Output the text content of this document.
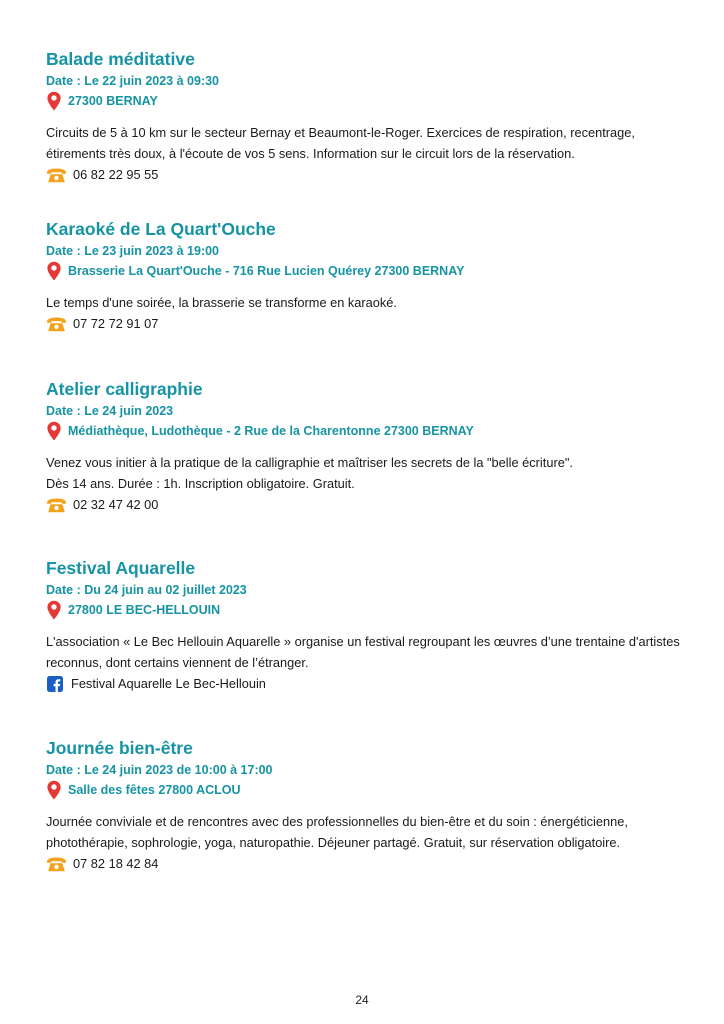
Balade méditative
Date : Le 22 juin 2023 à 09:30
27300 BERNAY

Circuits de 5 à 10 km sur le secteur Bernay et Beaumont-le-Roger. Exercices de respiration, recentrage, étirements très doux, à l'écoute de vos 5 sens. Information sur le circuit lors de la réservation.

06 82 22 95 55
Karaoké de La Quart'Ouche
Date : Le 23 juin 2023 à 19:00
Brasserie La Quart'Ouche - 716 Rue Lucien Quérey 27300 BERNAY

Le temps d'une soirée, la brasserie se transforme en karaoké.

07 72 72 91 07
Atelier calligraphie
Date : Le 24 juin 2023
Médiathèque, Ludothèque - 2 Rue de la Charentonne 27300 BERNAY

Venez vous initier à la pratique de la calligraphie et maîtriser les secrets de la "belle écriture".

Dès 14 ans. Durée : 1h. Inscription obligatoire. Gratuit.

02 32 47 42 00
Festival Aquarelle
Date : Du 24 juin au 02 juillet 2023
27800 LE BEC-HELLOUIN

L'association « Le Bec Hellouin Aquarelle » organise un festival regroupant les œuvres d’une trentaine d'artistes reconnus, dont certains viennent de l’étranger.

Festival Aquarelle Le Bec-Hellouin
Journée bien-être
Date : Le 24 juin 2023 de 10:00 à 17:00
Salle des fêtes 27800 ACLOU

Journée conviviale et de rencontres avec des professionnelles du bien-être et du soin : énergéticienne, photothérapie, sophrologie, yoga, naturopathie. Déjeuner partagé. Gratuit, sur réservation obligatoire.

07 82 18 42 84
24
